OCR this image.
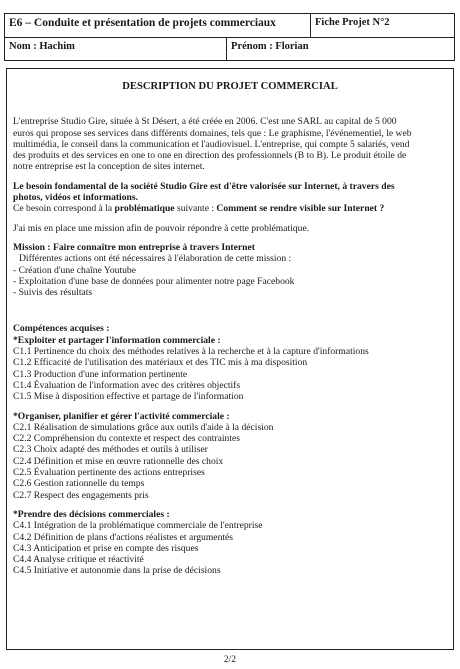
E6 – Conduite et présentation de projets commerciaux	Fiche Projet N°2
Nom : Hachim	Prénom : Florian
DESCRIPTION DU PROJET COMMERCIAL

L'entreprise Studio Gire, située à St Désert, a été créée en 2006. C'est une SARL au capital de 5 000

euros qui propose ses services dans différents domaines, tels que : Le graphisme, l'événementiel, le web

multimédia, le conseil dans la communication et l'audiovisuel. L'entreprise, qui compte 5 salariés, vend

des produits et des services en one to one en direction des professionnels (B to B). Le produit étoile de

notre entreprise est la conception de sites internet.

Le besoin fondamental de la société Studio Gire est d'être valorisée sur Internet, à travers des

photos, vidéos et informations.

Ce besoin correspond à la problématique suivante : Comment se rendre visible sur Internet ?

J'ai mis en place une mission afin de pouvoir répondre à cette problématique.

Mission : Faire connaître mon entreprise à travers Internet

Différentes actions ont été nécessaires à l'élaboration de cette mission :

- Création d'une chaîne Youtube

- Exploitation d'une base de données pour alimenter notre page Facebook

- Suivis des résultats

Compétences acquises :

*Exploiter et partager l'information commerciale :

C1.1 Pertinence du choix des méthodes relatives à la recherche et à la capture d'informations

C1.2 Efficacité de l'utilisation des matériaux et des TIC mis à ma disposition

C1.3 Production d'une information pertinente

C1.4 Évaluation de l'information avec des critères objectifs

C1.5 Mise à disposition effective et partage de l'information

*Organiser, planifier et gérer l'activité commerciale :

C2.1 Réalisation de simulations grâce aux outils d'aide à la décision

C2.2 Compréhension du contexte et respect des contraintes

C2.3 Choix adapté des méthodes et outils à utiliser

C2.4 Définition et mise en œuvre rationnelle des choix

C2.5 Évaluation pertinente des actions entreprises

C2.6 Gestion rationnelle du temps

C2.7 Respect des engagements pris

*Prendre des décisions commerciales :

C4.1 Intégration de la problématique commerciale de l'entreprise

C4.2 Définition de plans d'actions réalistes et argumentés

C4.3 Anticipation et prise en compte des risques

C4.4 Analyse critique et réactivité

C4.5 Initiative et autonomie dans la prise de décisions

2/2
